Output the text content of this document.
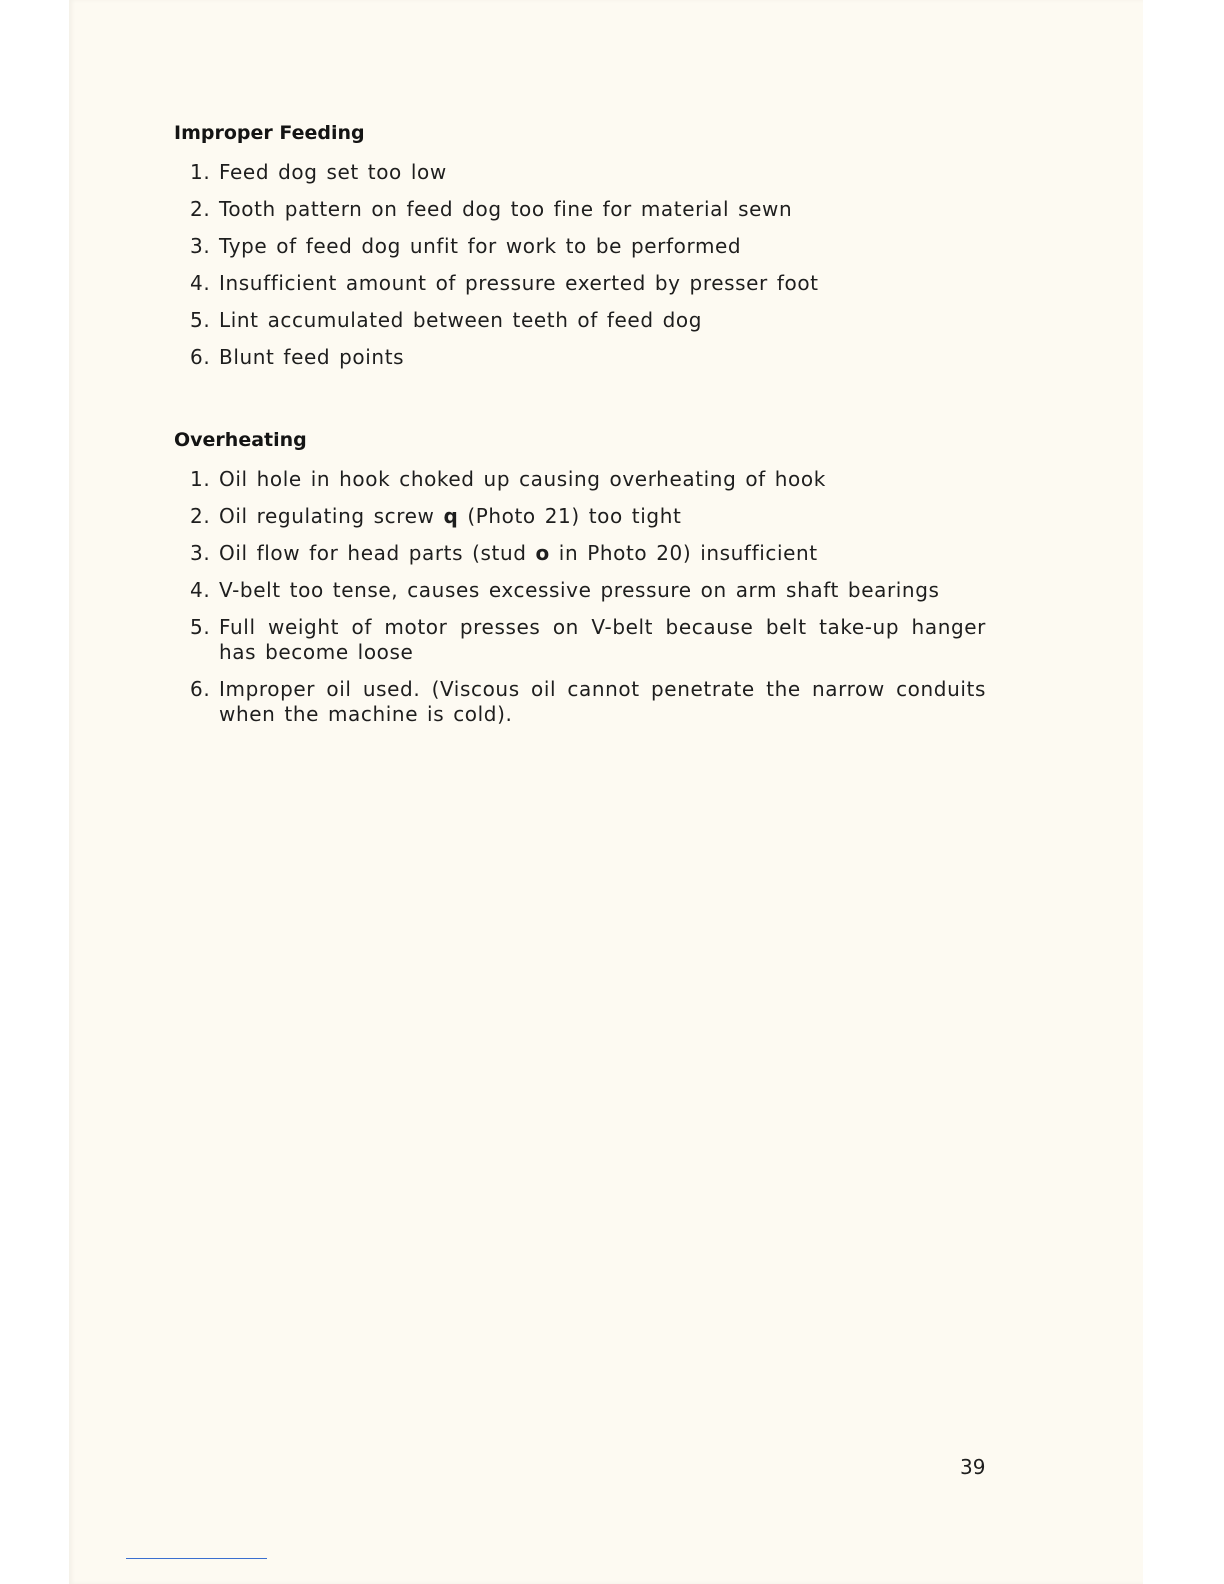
Improper Feeding
1 . Feed dog set too low
2 . Tooth pattern on feed dog too fine for material sewn
3 . Type of feed dog unfit for work to be performed
4 . Insufficient amount of pressure exerted by presser foot
5 . Lint accumulated between teeth of feed dog
6 . Blunt feed points
Overheating
1 . Oil hole in hook choked up causing overheating of hook
2 . Oil regulating screw q (Photo 21) too tight
3 . Oil flow for head parts (stud o in Photo 20) insufficient
4 . V-belt too tense, causes excessive pressure on arm shaft bearings
5 . Full weight of motor presses on V-belt because belt take-up hanger has become loose
6 . Improper oil used. (Viscous oil cannot penetrate the narrow conduits when the machine is cold).
39
